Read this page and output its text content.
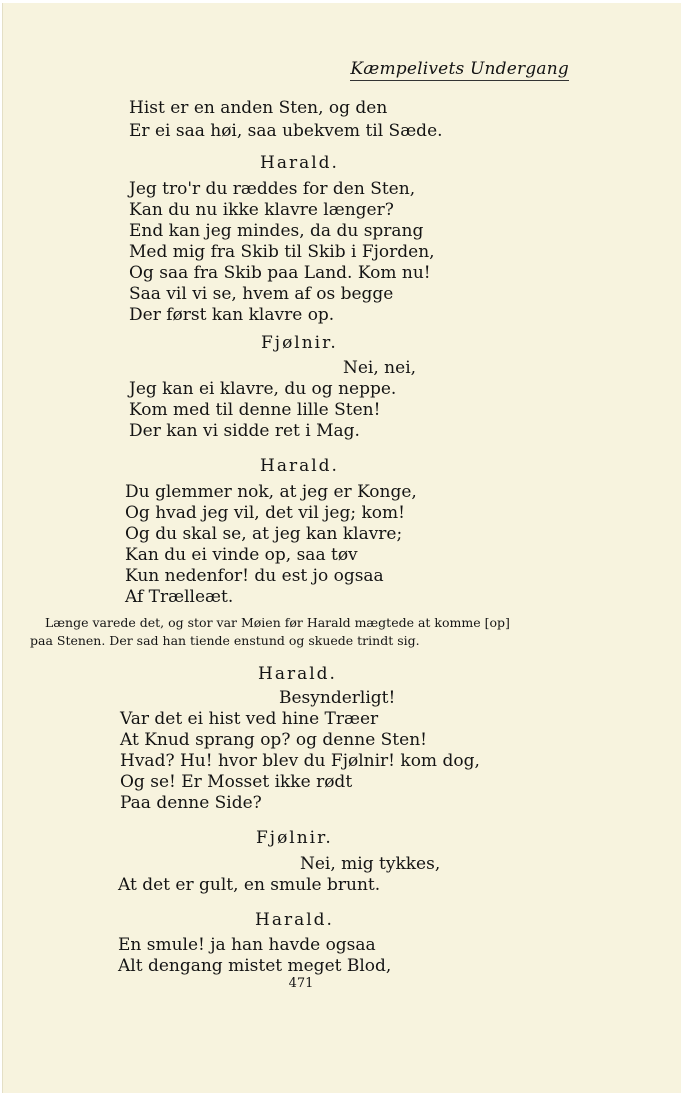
Kæmpelivets Undergang
Hist er en anden Sten, og den
Er ei saa høi, saa ubekvem til Sæde.
Harald.
Jeg tro'r du ræddes for den Sten,
Kan du nu ikke klavre længer?
End kan jeg mindes, da du sprang
Med mig fra Skib til Skib i Fjorden,
Og saa fra Skib paa Land. Kom nu!
Saa vil vi se, hvem af os begge
Der først kan klavre op.
Fjølnir.
Nei, nei,
Jeg kan ei klavre, du og neppe.
Kom med til denne lille Sten!
Der kan vi sidde ret i Mag.
Harald.
Du glemmer nok, at jeg er Konge,
Og hvad jeg vil, det vil jeg; kom!
Og du skal se, at jeg kan klavre;
Kan du ei vinde op, saa tøv
Kun nedenfor! du est jo ogsaa
Af Trælleæt.
Længe varede det, og stor var Møien før Harald mægtede at komme [op]
paa Stenen. Der sad han tiende enstund og skuede trindt sig.
Harald.
Besynderligt!
Var det ei hist ved hine Træer
At Knud sprang op? og denne Sten!
Hvad? Hu! hvor blev du Fjølnir! kom dog,
Og se! Er Mosset ikke rødt
Paa denne Side?
Fjølnir.
Nei, mig tykkes,
At det er gult, en smule brunt.
Harald.
En smule! ja han havde ogsaa
Alt dengang mistet meget Blod,
471
